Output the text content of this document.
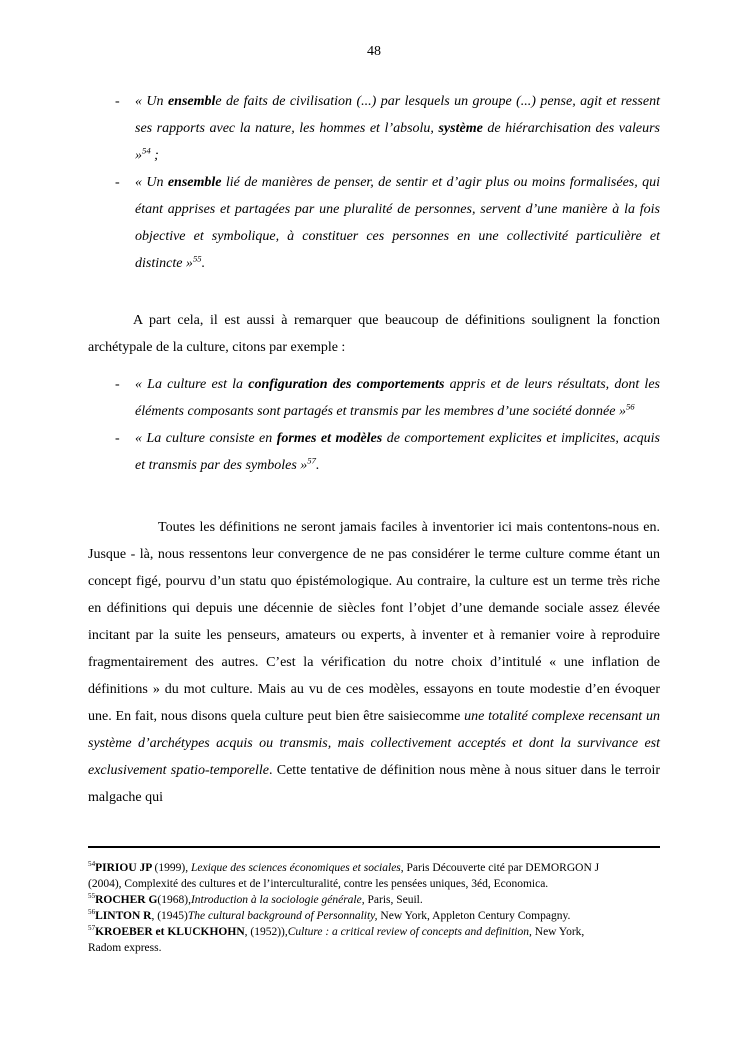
48
-	« Un ensemble de faits de civilisation (...) par lesquels un groupe (...) pense, agit et ressent ses rapports avec la nature, les hommes et l’absolu, système de hiérarchisation des valeurs »$^{54}$ ;
-	« Un ensemble lié de manières de penser, de sentir et d’agir plus ou moins formalisées, qui étant apprises et partagées par une pluralité de personnes, servent d’une manière à la fois objective et symbolique, à constituer ces personnes en une collectivité particulière et distincte »$^{55}$.

A part cela, il est aussi à remarquer que beaucoup de définitions soulignent la fonction archétypale de la culture, citons par exemple :

-	« La culture est la configuration des comportements appris et de leurs résultats, dont les éléments composants sont partagés et transmis par les membres d’une société donnée »$^{56}$
-	« La culture consiste en formes et modèles de comportement explicites et implicites, acquis et transmis par des symboles »$^{57}$.

Toutes les définitions ne seront jamais faciles à inventorier ici mais contentons-nous en. Jusque - là, nous ressentons leur convergence de ne pas considérer le terme culture comme étant un concept figé, pourvu d’un statu quo épistémologique. Au contraire, la culture est un terme très riche en définitions qui depuis une décennie de siècles font l’objet d’une demande sociale assez élevée incitant par la suite les penseurs, amateurs ou experts, à inventer et à remanier voire à reproduire fragmentairement des autres. C’est la vérification du notre choix d’intitulé « une inflation de définitions » du mot culture. Mais au vu de ces modèles, essayons en toute modestie d’en évoquer une. En fait, nous disons quela culture peut bien être saisiecomme une totalité complexe recensant un système d’archétypes acquis ou transmis, mais collectivement acceptés et dont la survivance est exclusivement spatio-temporelle. Cette tentative de définition nous mène à nous situer dans le terroir malgache qui

$^{54}$PIRIOU JP (1999), Lexique des sciences économiques et sociales, Paris Découverte cité par DEMORGON J
(2004), Complexité des cultures et de l’interculturalité, contre les pensées uniques, 3éd, Economica.

$^{55}$ROCHER G(1968),Introduction à la sociologie générale, Paris, Seuil.

$^{56}$LINTON R, (1945)The cultural background of Personnality, New York, Appleton Century Compagny.

$^{57}$KROEBER et KLUCKHOHN, (1952)),Culture : a critical review of concepts and definition, New York,
Radom express.
